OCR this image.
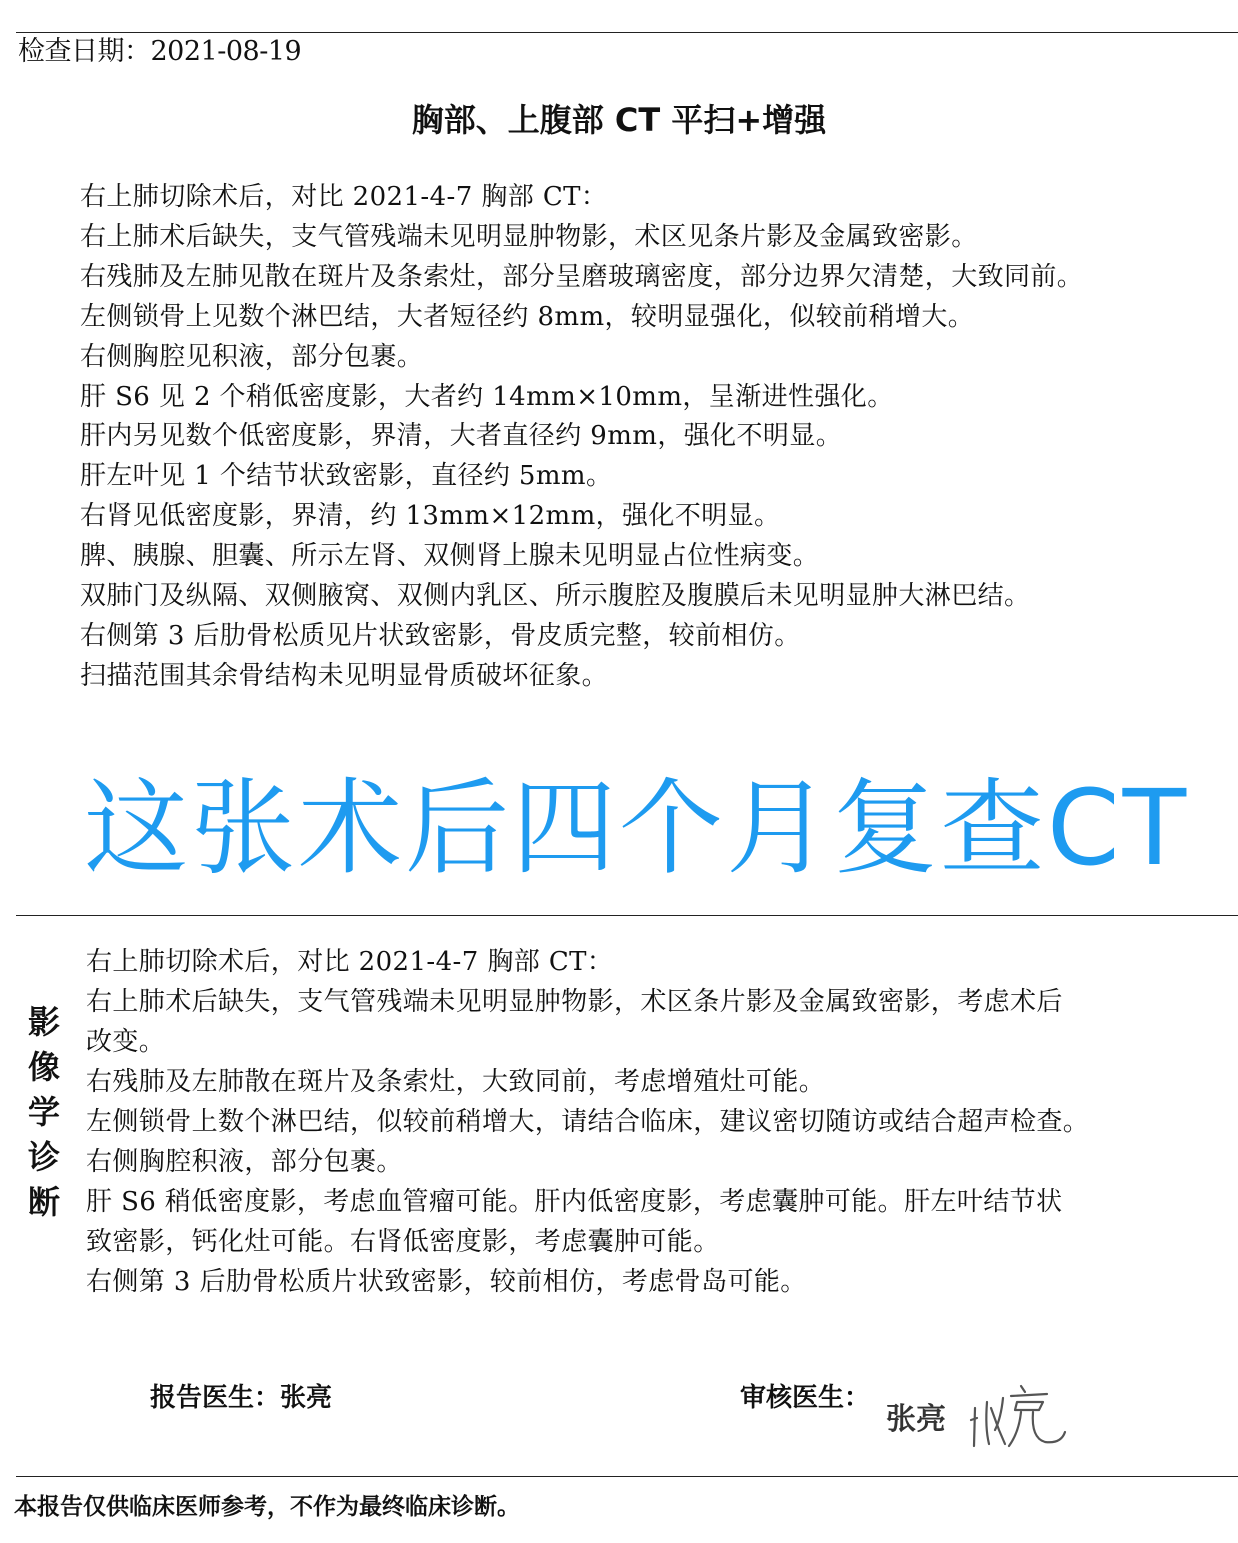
检查日期：2021-08-19
胸部、上腹部 CT 平扫+增强
右上肺切除术后，对比 2021-4-7 胸部 CT：
右上肺术后缺失，支气管残端未见明显肿物影，术区见条片影及金属致密影。
右残肺及左肺见散在斑片及条索灶，部分呈磨玻璃密度，部分边界欠清楚，大致同前。
左侧锁骨上见数个淋巴结，大者短径约 8mm，较明显强化，似较前稍增大。
右侧胸腔见积液，部分包裹。
肝 S6 见 2 个稍低密度影，大者约 14mm×10mm，呈渐进性强化。
肝内另见数个低密度影，界清，大者直径约 9mm，强化不明显。
肝左叶见 1 个结节状致密影，直径约 5mm。
右肾见低密度影，界清，约 13mm×12mm，强化不明显。
脾、胰腺、胆囊、所示左肾、双侧肾上腺未见明显占位性病变。
双肺门及纵隔、双侧腋窝、双侧内乳区、所示腹腔及腹膜后未见明显肿大淋巴结。
右侧第 3 后肋骨松质见片状致密影，骨皮质完整，较前相仿。
扫描范围其余骨结构未见明显骨质破坏征象。
这张术后四个月复查CT
影
像
学
诊
断
右上肺切除术后，对比 2021-4-7 胸部 CT：
右上肺术后缺失，支气管残端未见明显肿物影，术区条片影及金属致密影，考虑术后
改变。
右残肺及左肺散在斑片及条索灶，大致同前，考虑增殖灶可能。
左侧锁骨上数个淋巴结，似较前稍增大，请结合临床，建议密切随访或结合超声检查。
右侧胸腔积液，部分包裹。
肝 S6 稍低密度影，考虑血管瘤可能。肝内低密度影，考虑囊肿可能。肝左叶结节状
致密影，钙化灶可能。右肾低密度影，考虑囊肿可能。
右侧第 3 后肋骨松质片状致密影，较前相仿，考虑骨岛可能。
报告医生：张亮	审核医生：
张亮
本报告仅供临床医师参考，不作为最终临床诊断。
